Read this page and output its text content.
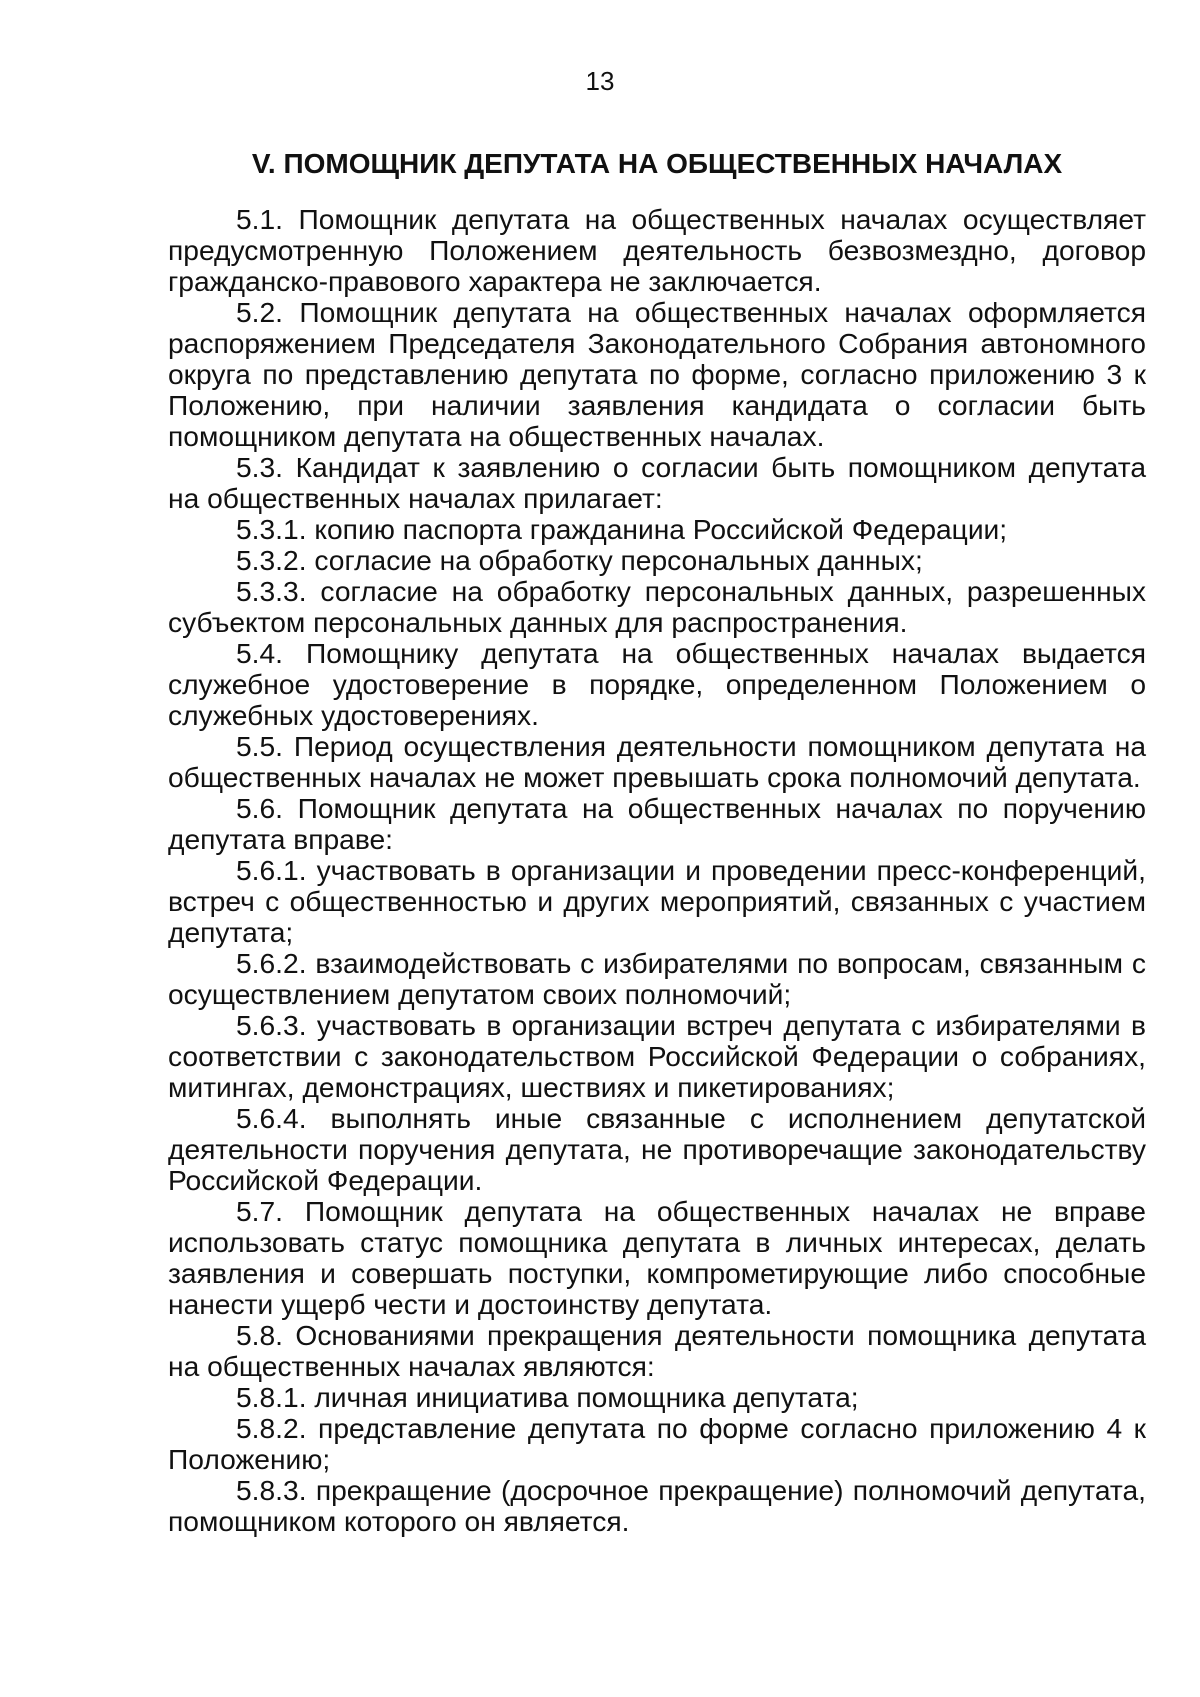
13
V. ПОМОЩНИК ДЕПУТАТА НА ОБЩЕСТВЕННЫХ НАЧАЛАХ

5.1. Помощник депутата на общественных началах осуществляет предусмотренную Положением деятельность безвозмездно, договор гражданско-правового характера не заключается.

5.2. Помощник депутата на общественных началах оформляется распоряжением Председателя Законодательного Собрания автономного округа по представлению депутата по форме, согласно приложению 3 к Положению, при наличии заявления кандидата о согласии быть помощником депутата на общественных началах.

5.3. Кандидат к заявлению о согласии быть помощником депутата на общественных началах прилагает:

5.3.1. копию паспорта гражданина Российской Федерации;

5.3.2. согласие на обработку персональных данных;

5.3.3. согласие на обработку персональных данных, разрешенных субъектом персональных данных для распространения.

5.4. Помощнику депутата на общественных началах выдается служебное удостоверение в порядке, определенном Положением о служебных удостоверениях.

5.5. Период осуществления деятельности помощником депутата на общественных началах не может превышать срока полномочий депутата.

5.6. Помощник депутата на общественных началах по поручению депутата вправе:

5.6.1. участвовать в организации и проведении пресс-конференций, встреч с общественностью и других мероприятий, связанных с участием депутата;

5.6.2. взаимодействовать с избирателями по вопросам, связанным с осуществлением депутатом своих полномочий;

5.6.3. участвовать в организации встреч депутата с избирателями в соответствии с законодательством Российской Федерации о собраниях, митингах, демонстрациях, шествиях и пикетированиях;

5.6.4. выполнять иные связанные с исполнением депутатской деятельности поручения депутата, не противоречащие законодательству Российской Федерации.

5.7. Помощник депутата на общественных началах не вправе использовать статус помощника депутата в личных интересах, делать заявления и совершать поступки, компрометирующие либо способные нанести ущерб чести и достоинству депутата.

5.8. Основаниями прекращения деятельности помощника депутата на общественных началах являются:

5.8.1. личная инициатива помощника депутата;

5.8.2. представление депутата по форме согласно приложению 4 к Положению;

5.8.3. прекращение (досрочное прекращение) полномочий депутата, помощником которого он является.
